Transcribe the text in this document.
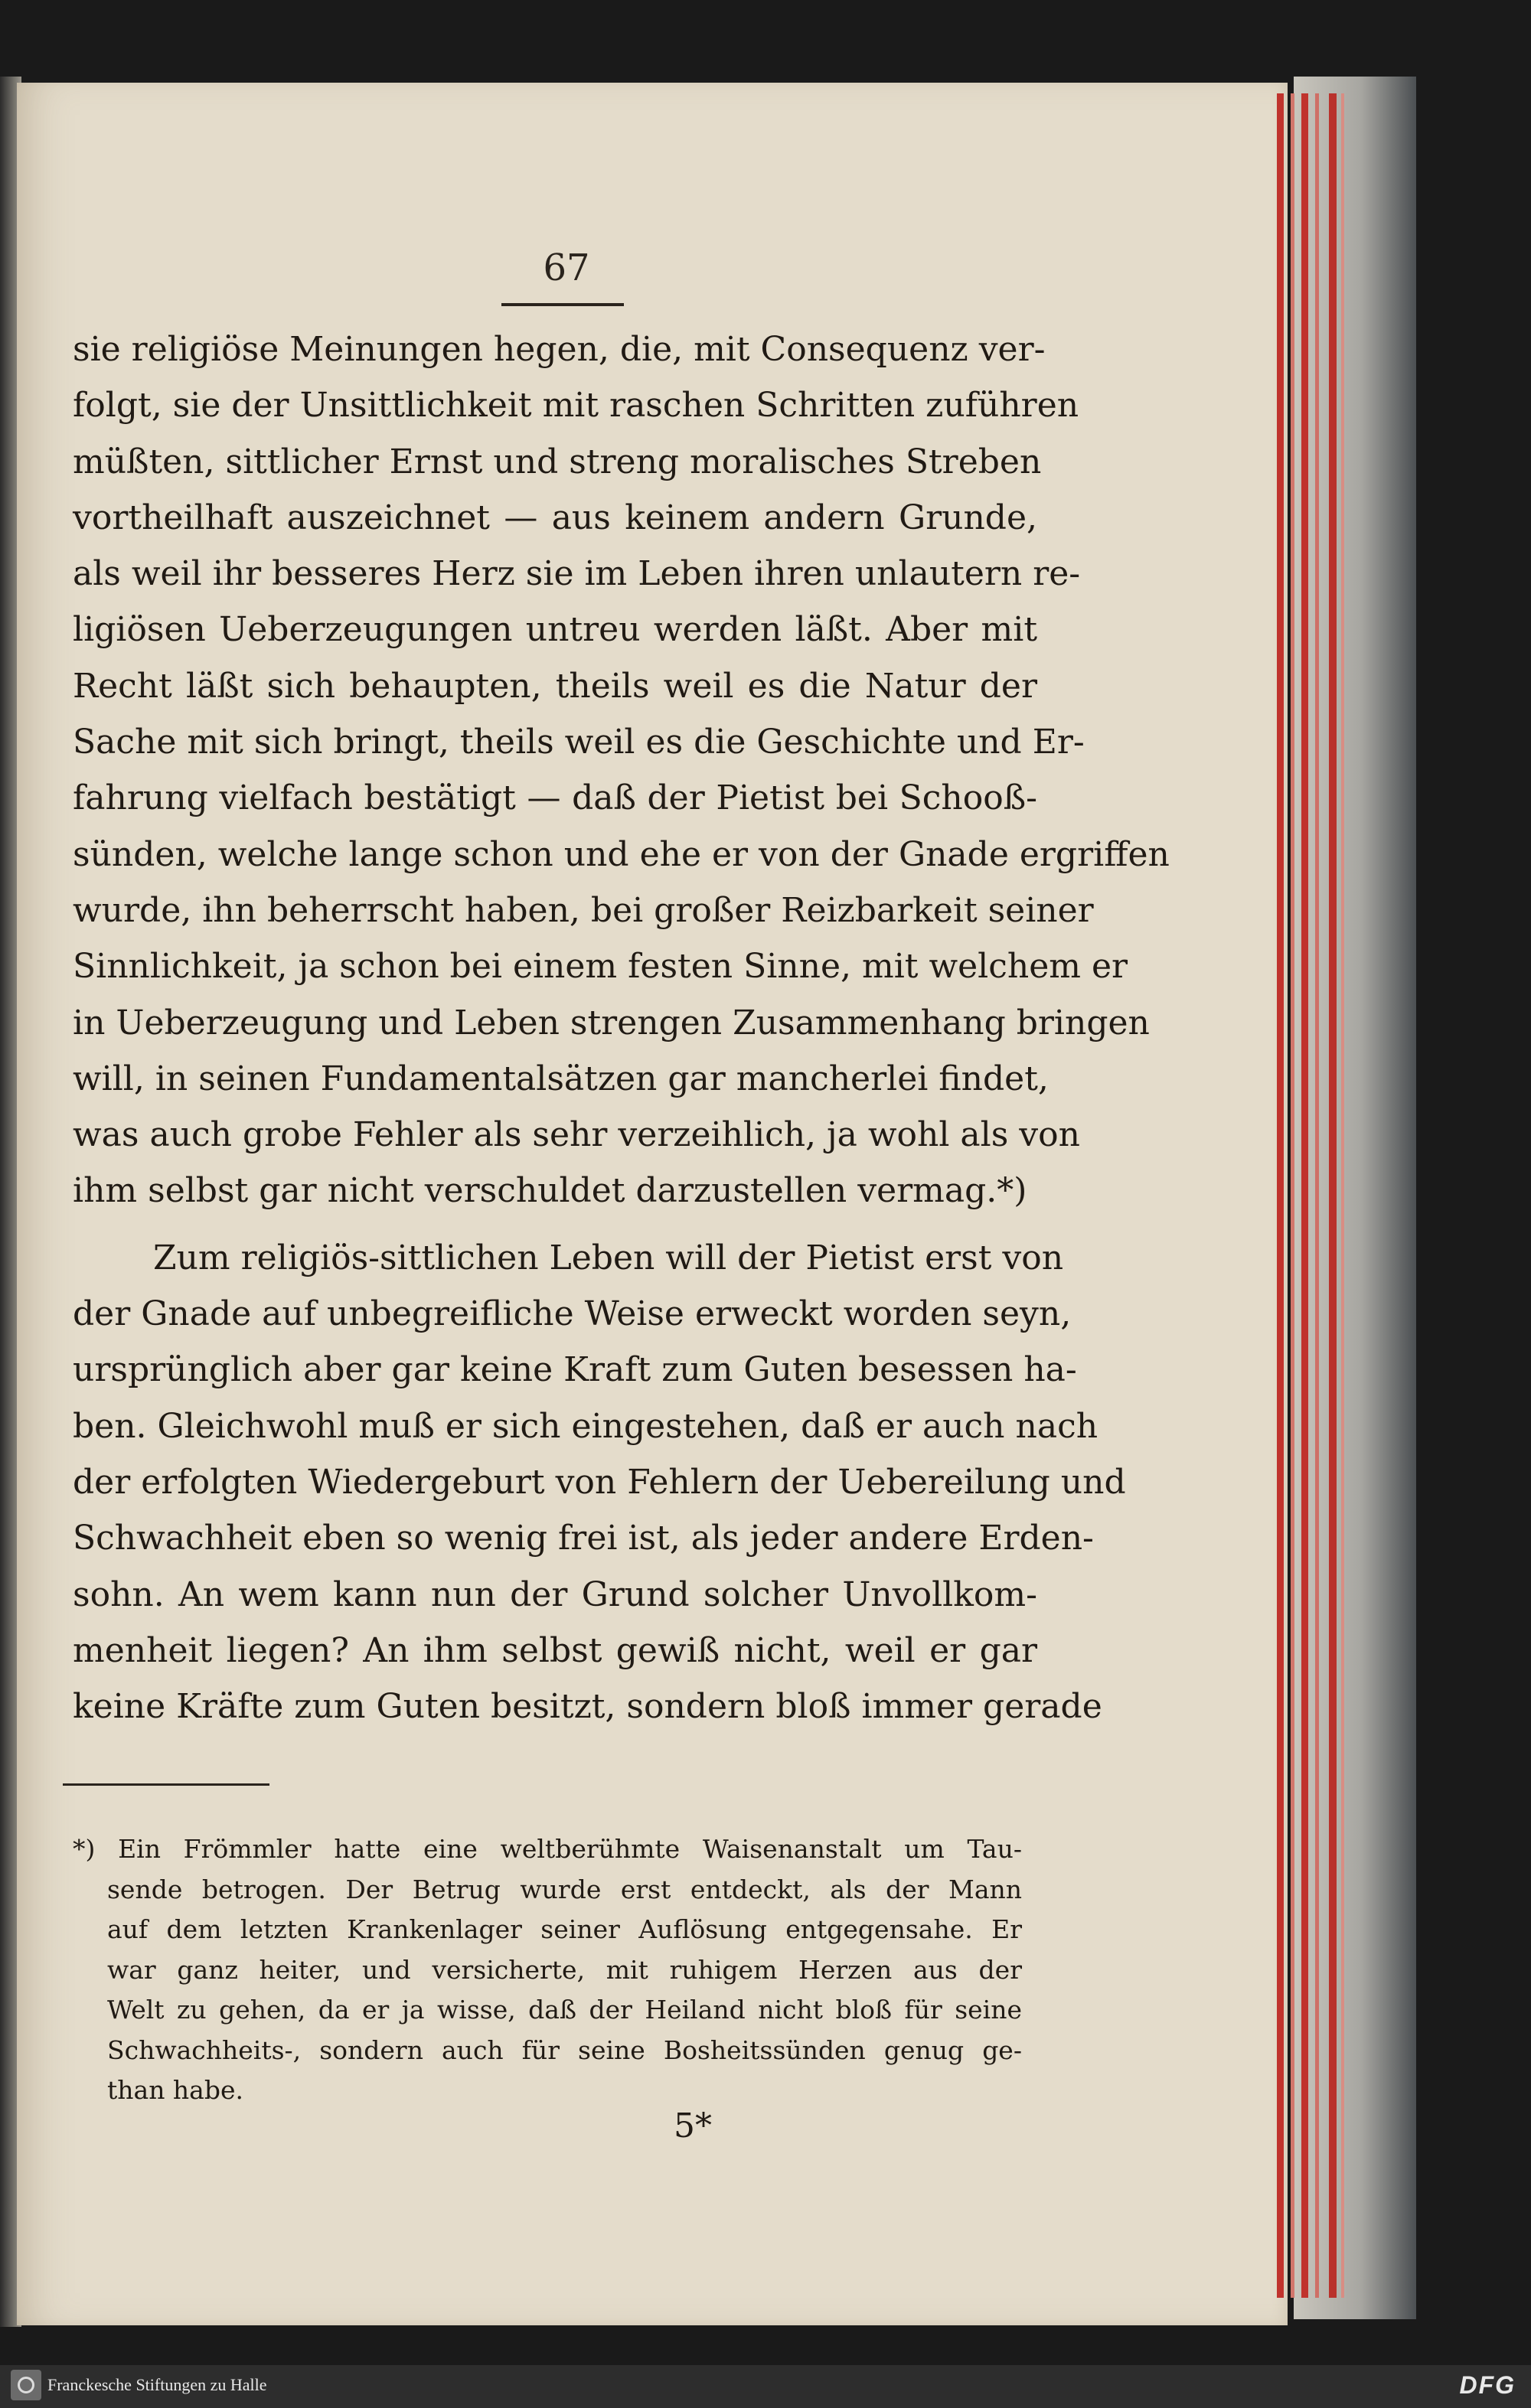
67
sie religiöse Meinungen hegen, die, mit Consequenz ver-
folgt, sie der Unsittlichkeit mit raschen Schritten zuführen
müßten, sittlicher Ernst und streng moralisches Streben
vortheilhaft auszeichnet — aus keinem andern Grunde,
als weil ihr besseres Herz sie im Leben ihren unlautern re-
ligiösen Ueberzeugungen untreu werden läßt. Aber mit
Recht läßt sich behaupten, theils weil es die Natur der
Sache mit sich bringt, theils weil es die Geschichte und Er-
fahrung vielfach bestätigt — daß der Pietist bei Schooß-
sünden, welche lange schon und ehe er von der Gnade ergriffen
wurde, ihn beherrscht haben, bei großer Reizbarkeit seiner
Sinnlichkeit, ja schon bei einem festen Sinne, mit welchem er
in Ueberzeugung und Leben strengen Zusammenhang bringen
will, in seinen Fundamentalsätzen gar mancherlei findet,
was auch grobe Fehler als sehr verzeihlich, ja wohl als von
ihm selbst gar nicht verschuldet darzustellen vermag.*)
Zum religiös-sittlichen Leben will der Pietist erst von
der Gnade auf unbegreifliche Weise erweckt worden seyn,
ursprünglich aber gar keine Kraft zum Guten besessen ha-
ben. Gleichwohl muß er sich eingestehen, daß er auch nach
der erfolgten Wiedergeburt von Fehlern der Uebereilung und
Schwachheit eben so wenig frei ist, als jeder andere Erden-
sohn. An wem kann nun der Grund solcher Unvollkom-
menheit liegen? An ihm selbst gewiß nicht, weil er gar
keine Kräfte zum Guten besitzt, sondern bloß immer gerade
*) Ein Frömmler hatte eine weltberühmte Waisenanstalt um Tau-
sende betrogen. Der Betrug wurde erst entdeckt, als der Mann
auf dem letzten Krankenlager seiner Auflösung entgegensahe. Er
war ganz heiter, und versicherte, mit ruhigem Herzen aus der
Welt zu gehen, da er ja wisse, daß der Heiland nicht bloß für seine
Schwachheits-, sondern auch für seine Bosheitssünden genug ge-
than habe.
5*
Franckesche Stiftungen zu Halle	DFG
